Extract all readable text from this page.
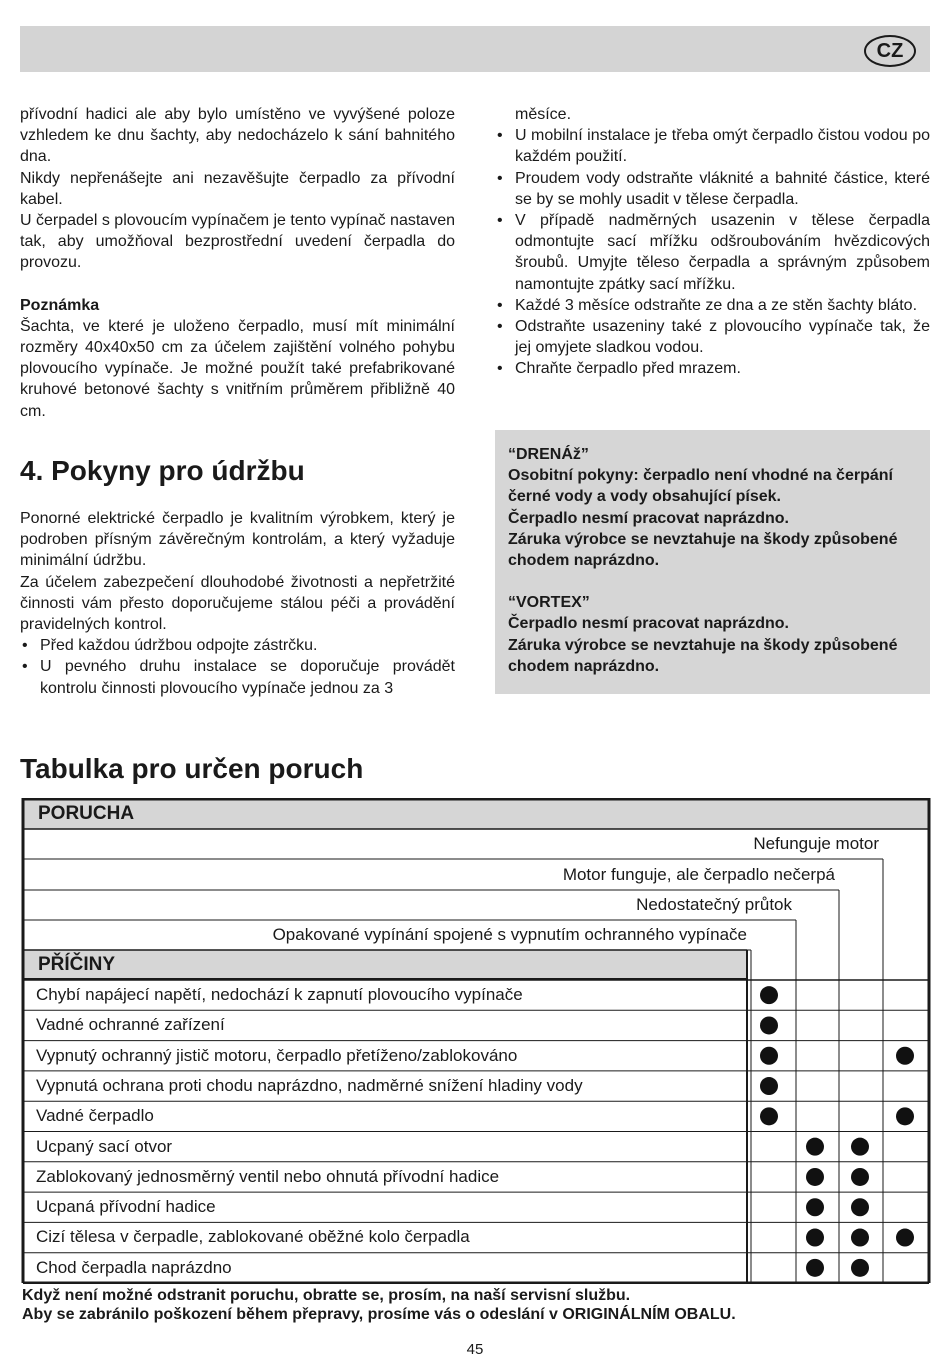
CZ

přívodní hadici ale aby bylo umístěno ve vyvýšené poloze vzhledem ke dnu šachty, aby nedocházelo k sání bahnitého dna.

Nikdy nepřenášejte ani nezavěšujte čerpadlo za přívodní kabel.

U čerpadel s plovoucím vypínačem je tento vypínač nastaven tak, aby umožňoval bezprostřední uvedení čerpadla do provozu.

Poznámka

Šachta, ve které je uloženo čerpadlo, musí mít minimální rozměry 40x40x50 cm za účelem zajištění volného pohybu plovoucího vypínače. Je možné použít také prefabrikované kruhové betonové šachty s vnitřním průměrem přibližně 40 cm.

4. Pokyny pro údržbu

Ponorné elektrické čerpadlo je kvalitním výrobkem, který je podroben přísným závěrečným kontrolám, a který vyžaduje minimální údržbu.

Za účelem zabezpečení dlouhodobé životnosti a nepřetržité činnosti vám přesto doporučujeme stálou péči a provádění pravidelných kontrol.

• Před každou údržbou odpojte zástrčku.
• U pevného druhu instalace se doporučuje provádět kontrolu činnosti plovoucího vypínače jednou za 3

měsíce.

• U mobilní instalace je třeba omýt čerpadlo čistou vodou po každém použití.
• Proudem vody odstraňte vláknité a bahnité částice, které se by se mohly usadit v tělese čerpadla.
• V případě nadměrných usazenin v tělese čerpadla odmontujte sací mřížku odšroubováním hvězdicových šroubů. Umyjte těleso čerpadla a správným způsobem namontujte zpátky sací mřížku.
• Každé 3 měsíce odstraňte ze dna a ze stěn šachty bláto.
• Odstraňte usazeniny také z plovoucího vypínače tak, že jej omyjete sladkou vodou.
• Chraňte čerpadlo před mrazem.

“DRENÁž”

Osobitní pokyny: čerpadlo není vhodné na čerpání černé vody a vody obsahující písek.

Čerpadlo nesmí pracovat naprázdno.

Záruka výrobce se nevztahuje na škody způsobené chodem naprázdno.

“VORTEX”

Čerpadlo nesmí pracovat naprázdno.

Záruka výrobce se nevztahuje na škody způsobené chodem naprázdno.

Tabulka pro určen poruch
PORUCHA
PŘÍČINY
Nefunguje motor
Motor funguje, ale čerpadlo nečerpá
Nedostatečný průtok
Opakované vypínání spojené s vypnutím ochranného vypínače
Chybí napájecí napětí, nedochází k zapnutí plovoucího vypínače
Vadné ochranné zařízení
Vypnutý ochranný jistič motoru, čerpadlo přetíženo/zablokováno
Vypnutá ochrana proti chodu naprázdno, nadměrné snížení hladiny vody
Vadné čerpadlo
Ucpaný sací otvor
Zablokovaný jednosměrný ventil nebo ohnutá přívodní hadice
Ucpaná přívodní hadice
Cizí tělesa v čerpadle, zablokované oběžné kolo čerpadla
Chod čerpadla naprázdno

Když není možné odstranit poruchu, obratte se, prosím, na naší servisní službu.

Aby se zabránilo poškození během přepravy, prosíme vás o odeslání v ORIGINÁLNÍM OBALU.

45
